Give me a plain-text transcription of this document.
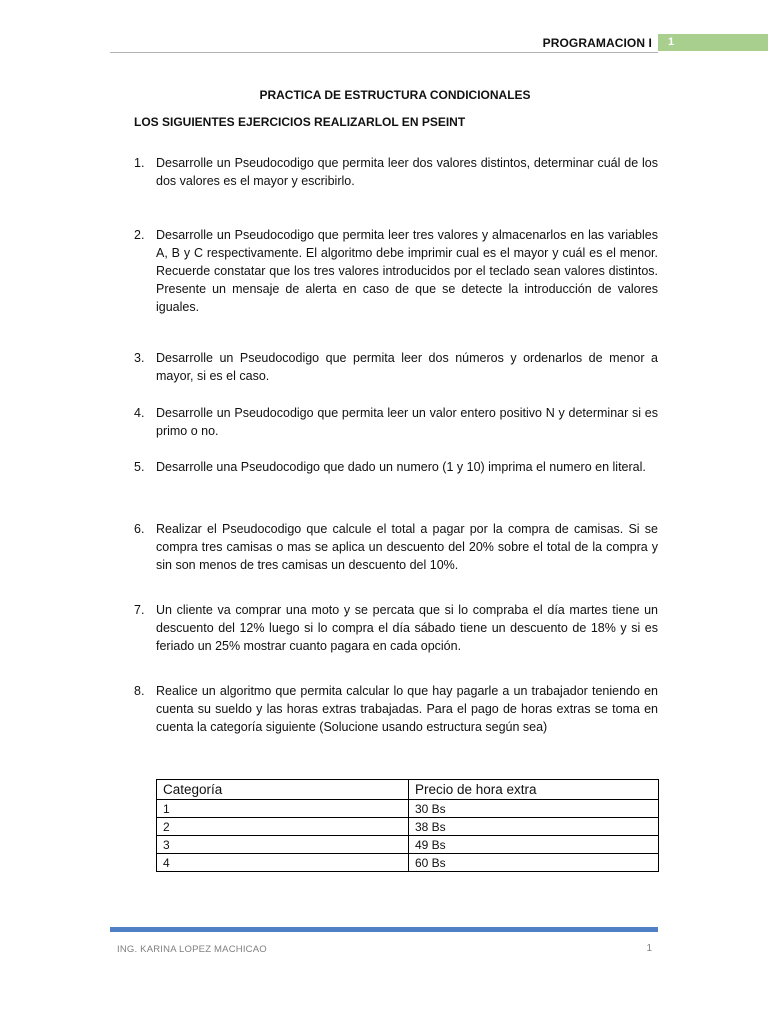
PROGRAMACION I	1
PRACTICA DE ESTRUCTURA CONDICIONALES
LOS SIGUIENTES EJERCICIOS REALIZARLOL EN PSEINT
1. Desarrolle un Pseudocodigo que permita leer dos valores distintos, determinar cuál de los dos valores es el mayor y escribirlo.
2. Desarrolle un Pseudocodigo que permita leer tres valores y almacenarlos en las variables A, B y C respectivamente. El algoritmo debe imprimir cual es el mayor y cuál es el menor. Recuerde constatar que los tres valores introducidos por el teclado sean valores distintos. Presente un mensaje de alerta en caso de que se detecte la introducción de valores iguales.
3. Desarrolle un Pseudocodigo que permita leer dos números y ordenarlos de menor a mayor, si es el caso.
4. Desarrolle un Pseudocodigo que permita leer un valor entero positivo N y determinar si es primo o no.
5. Desarrolle una Pseudocodigo que dado un numero (1 y 10) imprima el numero en literal.
6. Realizar el Pseudocodigo que calcule el total a pagar por la compra de camisas. Si se compra tres camisas o mas se aplica un descuento del 20% sobre el total de la compra y sin son menos de tres camisas un descuento del 10%.
7. Un cliente va comprar una moto y se percata que si lo compraba el día martes tiene un descuento del 12% luego si lo compra el día sábado tiene un descuento de 18% y si es feriado un 25% mostrar cuanto pagara en cada opción.
8. Realice un algoritmo que permita calcular lo que hay pagarle a un trabajador teniendo en cuenta su sueldo y las horas extras trabajadas. Para el pago de horas extras se toma en cuenta la categoría siguiente (Solucione usando estructura según sea)
Categoría	Precio de hora extra
1	30 Bs
2	38 Bs
3	49 Bs
4	60 Bs
ING. KARINA LOPEZ MACHICAO	1
